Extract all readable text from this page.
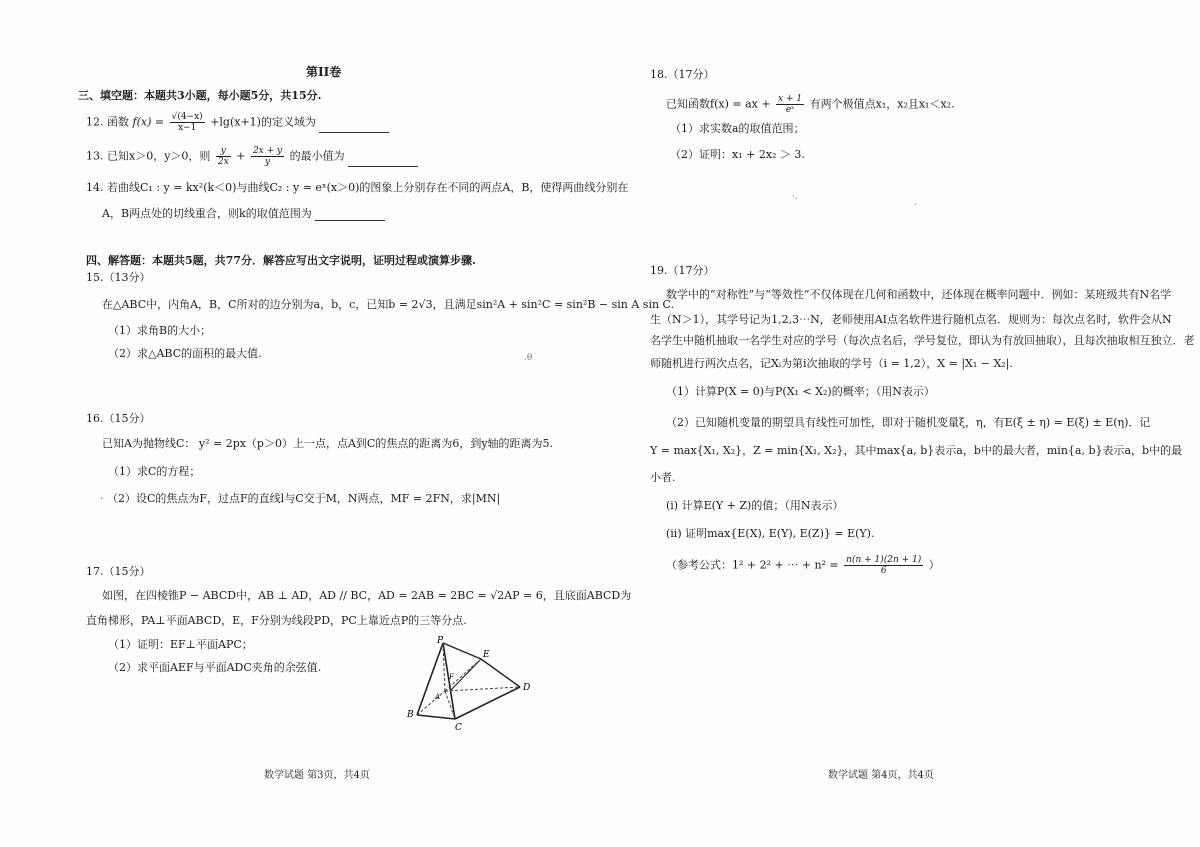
第II卷
三、填空题：本题共3小题，每小题5分，共15分.
12. 函数 $f(x) = \frac{√(4-x)}{x-1} +\lg(x+1)$的定义域为
13. 已知x＞0，y＞0，则 $\frac{y}{2x} + \frac{2x + y}{y}$ 的最小值为
14. 若曲线C₁ : y = kx²(k＜0)与曲线C₂ : y = eˣ(x＞0)的图象上分别存在不同的两点A，B，使得两曲线分别在
A，B两点处的切线重合，则k的取值范围为
四、解答题：本题共5题，共77分．解答应写出文字说明，证明过程或演算步骤.
15.（13分）
在△ABC中，内角A，B，C所对的边分别为a，b，c，已知b = 2√3，且满足sin²A + sin²C = sin²B − sin A sin C.
（1）求角B的大小；
（2）求△ABC的面积的最大值.	.θ
16.（15分）
已知A为抛物线C： y² = 2px（p＞0）上一点，点A到C的焦点的距离为6，到y轴的距离为5.
（1）求C的方程；
· （2）设C的焦点为F，过点F的直线l与C交于M，N两点，MF = 2FN，求|MN|
17.（15分）
如图，在四棱锥P − ABCD中，AB ⊥ AD，AD // BC，AD = 2AB = 2BC = √2AP = 6，且底面ABCD为
直角梯形，PA⊥平面ABCD，E，F分别为线段PD，PC上靠近点P的三等分点.
（1）证明：EF⊥平面APC；
（2）求平面AEF与平面ADC夹角的余弦值.
P
E
D
B
C
F
A
数学试题 第3页，共4页
18.（17分）
已知函数f(x) = ax + $\frac{x + 1}{\text{eˣ}}$ 有两个极值点x₁，x₂且x₁＜x₂.
（1）求实数a的取值范围；
（2）证明：x₁ + 2x₂ ＞ 3.
·.
.
19.（17分）
数学中的“对称性”与“等效性”不仅体现在几何和函数中，还体现在概率问题中．例如：某班级共有N名学
生（N＞1），其学号记为1,2,3⋯N，老师使用AI点名软件进行随机点名．规则为：每次点名时，软件会从N
名学生中随机抽取一名学生对应的学号（每次点名后，学号复位，即认为有放回抽取），且每次抽取相互独立．老
师随机进行两次点名，记Xᵢ为第i次抽取的学号（i = 1,2），X = |X₁ − X₂|.
（1）计算P(X = 0)与P(X₁ < X₂)的概率；（用N表示）
（2）已知随机变量的期望具有线性可加性，即对于随机变量ξ，η，有E(ξ ± η) = E(ξ) ± E(η)．记
Y = max{X₁, X₂}，Z = min{X₁, X₂}，其中max{a, b}表示a，b中的最大者，min{a, b}表示a，b中的最
小者.
(i) 计算E(Y + Z)的值；（用N表示）
(ii) 证明max{E(X), E(Y), E(Z)} = E(Y).
（参考公式：1² + 2² + ⋯ + $n^2 = \frac{n(n + 1)(2n + 1)}{6}$ ）
数学试题 第4页，共4页
